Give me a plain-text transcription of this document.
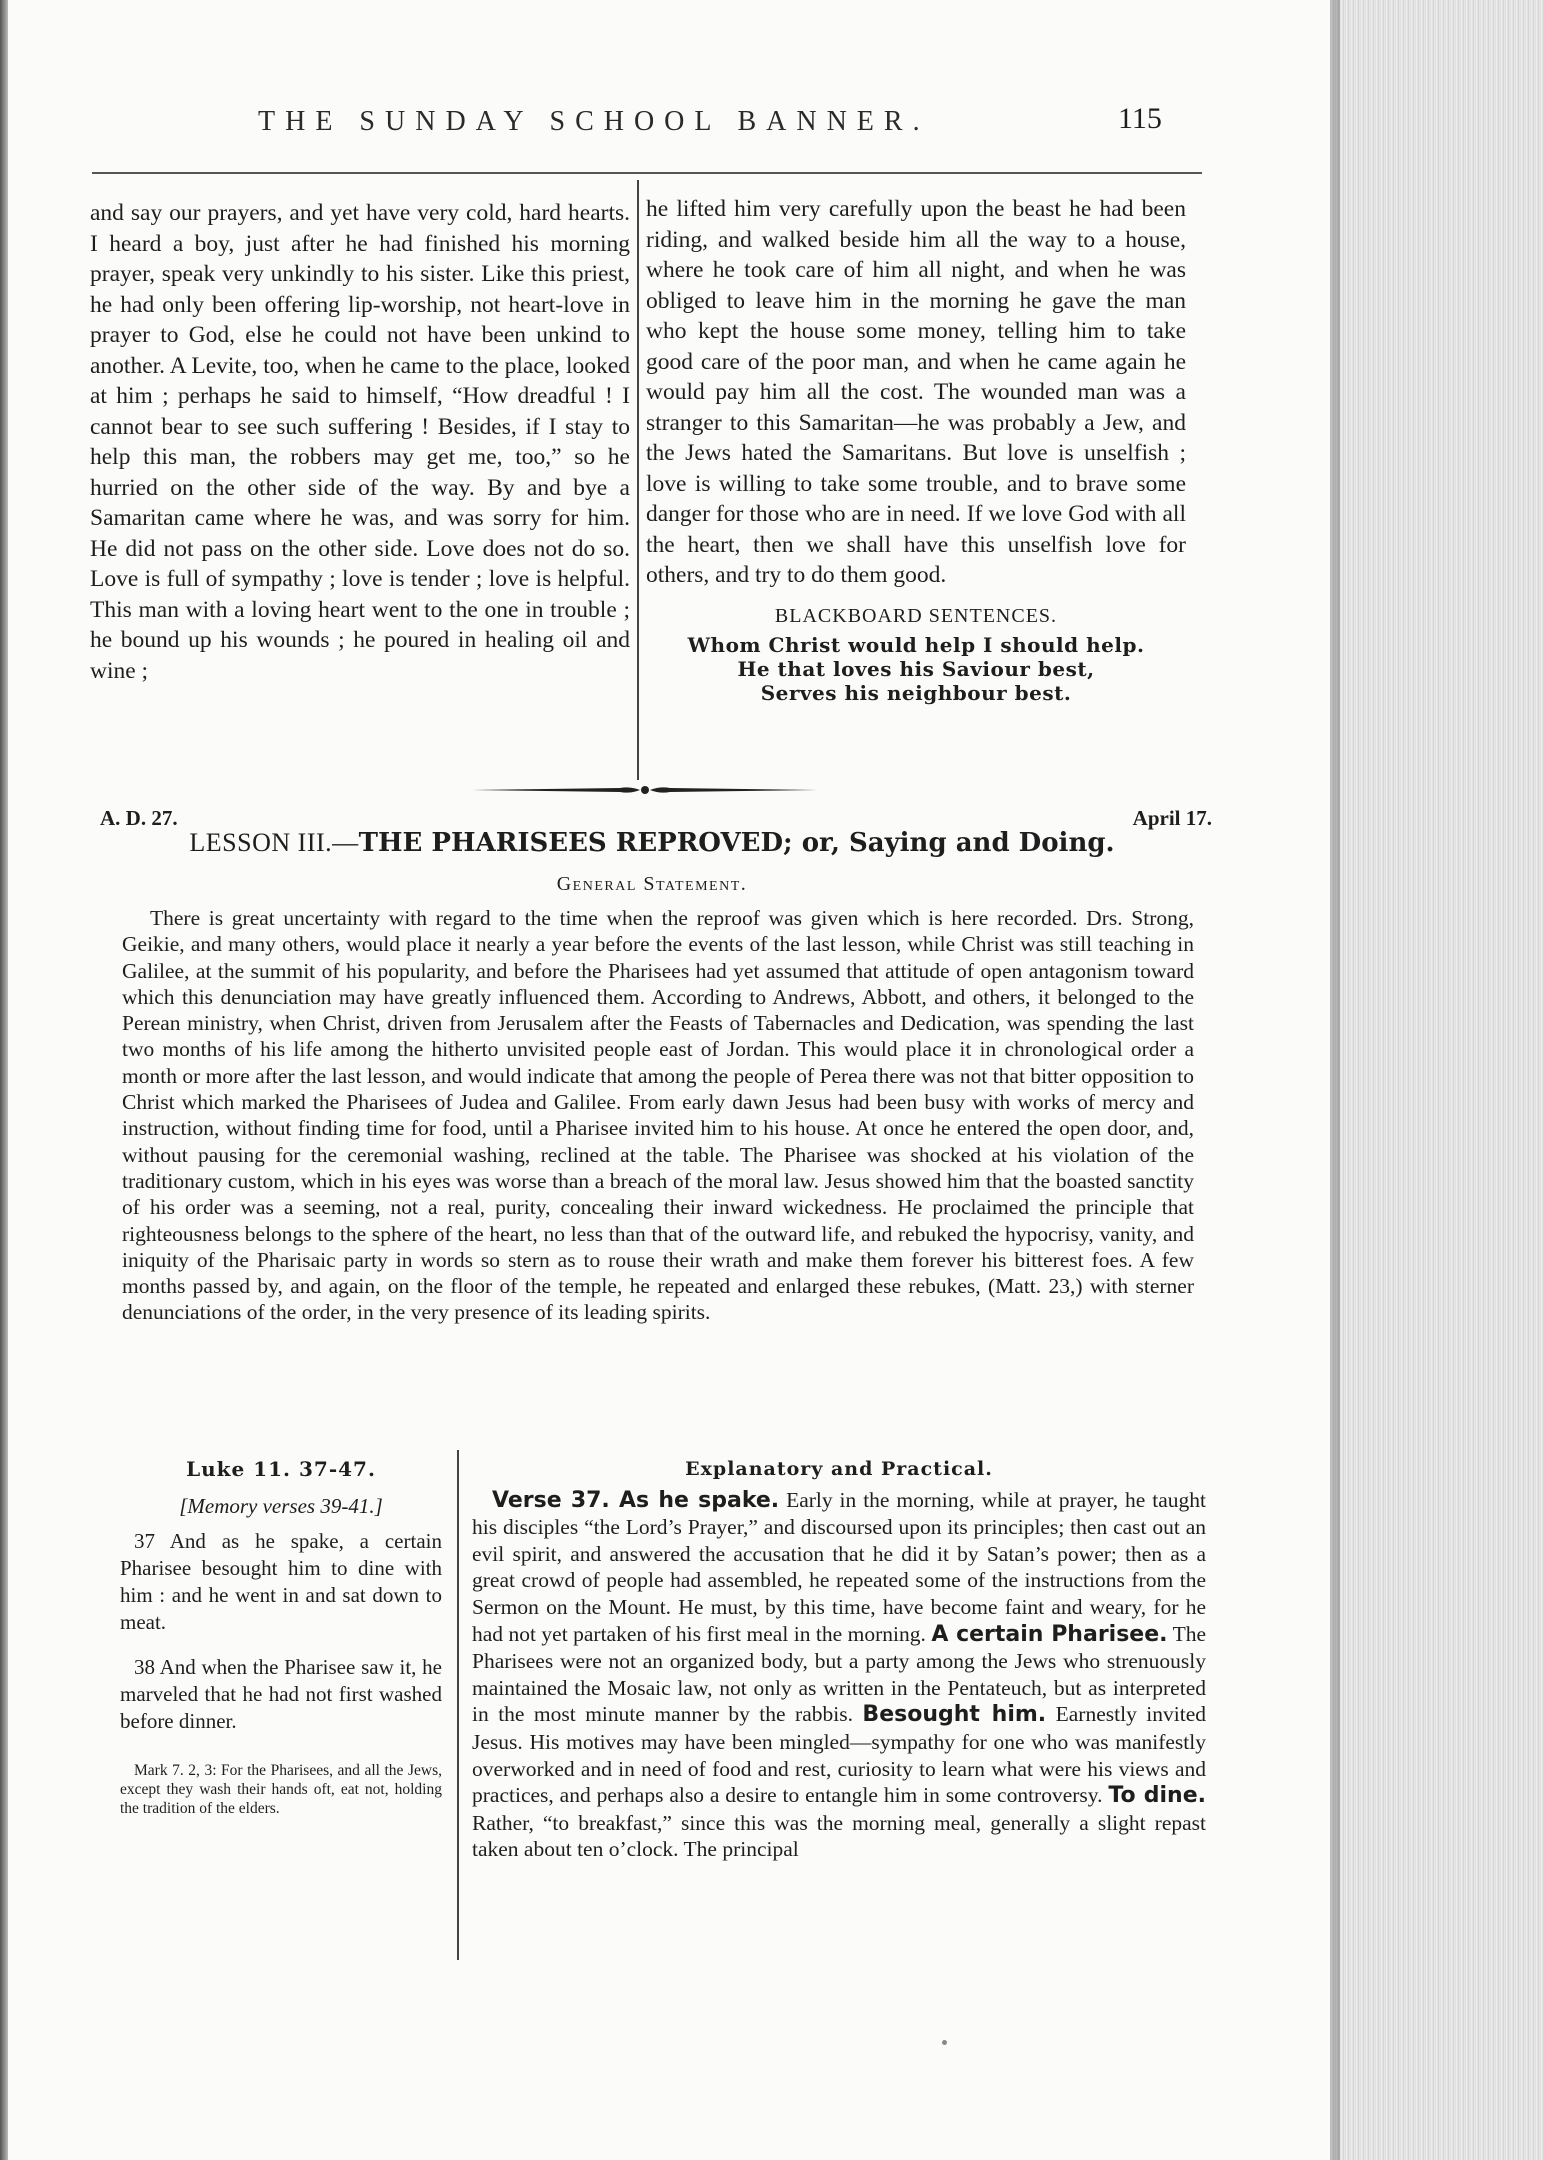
THE SUNDAY SCHOOL BANNER.	115

and say our prayers, and yet have very cold, hard hearts. I heard a boy, just after he had finished his morning prayer, speak very unkindly to his sister. Like this priest, he had only been offering lip-worship, not heart-love in prayer to God, else he could not have been unkind to another. A Levite, too, when he came to the place, looked at him ; perhaps he said to himself, “How dreadful ! I cannot bear to see such suffering ! Besides, if I stay to help this man, the robbers may get me, too,” so he hurried on the other side of the way. By and bye a Samaritan came where he was, and was sorry for him. He did not pass on the other side. Love does not do so. Love is full of sympathy ; love is tender ; love is helpful. This man with a loving heart went to the one in trouble ; he bound up his wounds ; he poured in healing oil and wine ;

he lifted him very carefully upon the beast he had been riding, and walked beside him all the way to a house, where he took care of him all night, and when he was obliged to leave him in the morning he gave the man who kept the house some money, telling him to take good care of the poor man, and when he came again he would pay him all the cost. The wounded man was a stranger to this Samaritan—he was probably a Jew, and the Jews hated the Samaritans. But love is unselfish ; love is willing to take some trouble, and to brave some danger for those who are in need. If we love God with all the heart, then we shall have this unselfish love for others, and try to do them good.

BLACKBOARD SENTENCES.
Whom Christ would help I should help.
He that loves his Saviour best,
Serves his neighbour best.
A. D. 27.	April 17.
LESSON III.—THE PHARISEES REPROVED; or, Saying and Doing.
General Statement.

There is great uncertainty with regard to the time when the reproof was given which is here recorded. Drs. Strong, Geikie, and many others, would place it nearly a year before the events of the last lesson, while Christ was still teaching in Galilee, at the summit of his popularity, and before the Pharisees had yet assumed that attitude of open antagonism toward which this denunciation may have greatly influenced them. According to Andrews, Abbott, and others, it belonged to the Perean ministry, when Christ, driven from Jerusalem after the Feasts of Tabernacles and Dedication, was spending the last two months of his life among the hitherto unvisited people east of Jordan. This would place it in chronological order a month or more after the last lesson, and would indicate that among the people of Perea there was not that bitter opposition to Christ which marked the Pharisees of Judea and Galilee. From early dawn Jesus had been busy with works of mercy and instruction, without finding time for food, until a Pharisee invited him to his house. At once he entered the open door, and, without pausing for the ceremonial washing, reclined at the table. The Pharisee was shocked at his violation of the traditionary custom, which in his eyes was worse than a breach of the moral law. Jesus showed him that the boasted sanctity of his order was a seeming, not a real, purity, concealing their inward wickedness. He proclaimed the principle that righteousness belongs to the sphere of the heart, no less than that of the outward life, and rebuked the hypocrisy, vanity, and iniquity of the Pharisaic party in words so stern as to rouse their wrath and make them forever his bitterest foes. A few months passed by, and again, on the floor of the temple, he repeated and enlarged these rebukes, (Matt. 23,) with sterner denunciations of the order, in the very presence of its leading spirits.

Luke 11. 37-47.
[Memory verses 39-41.]

37 And as he spake, a certain Pharisee besought him to dine with him : and he went in and sat down to meat.

38 And when the Pharisee saw it, he marveled that he had not first washed before dinner.

Mark 7. 2, 3: For the Pharisees, and all the Jews, except they wash their hands oft, eat not, holding the tradition of the elders.

Explanatory and Practical.

Verse 37. As he spake. Early in the morning, while at prayer, he taught his disciples “the Lord’s Prayer,” and discoursed upon its principles; then cast out an evil spirit, and answered the accusation that he did it by Satan’s power; then as a great crowd of people had assembled, he repeated some of the instructions from the Sermon on the Mount. He must, by this time, have become faint and weary, for he had not yet partaken of his first meal in the morning. A certain Pharisee. The Pharisees were not an organized body, but a party among the Jews who strenuously maintained the Mosaic law, not only as written in the Pentateuch, but as interpreted in the most minute manner by the rabbis. Besought him. Earnestly invited Jesus. His motives may have been mingled—sympathy for one who was manifestly overworked and in need of food and rest, curiosity to learn what were his views and practices, and perhaps also a desire to entangle him in some controversy. To dine. Rather, “to breakfast,” since this was the morning meal, generally a slight repast taken about ten o’clock. The principal
